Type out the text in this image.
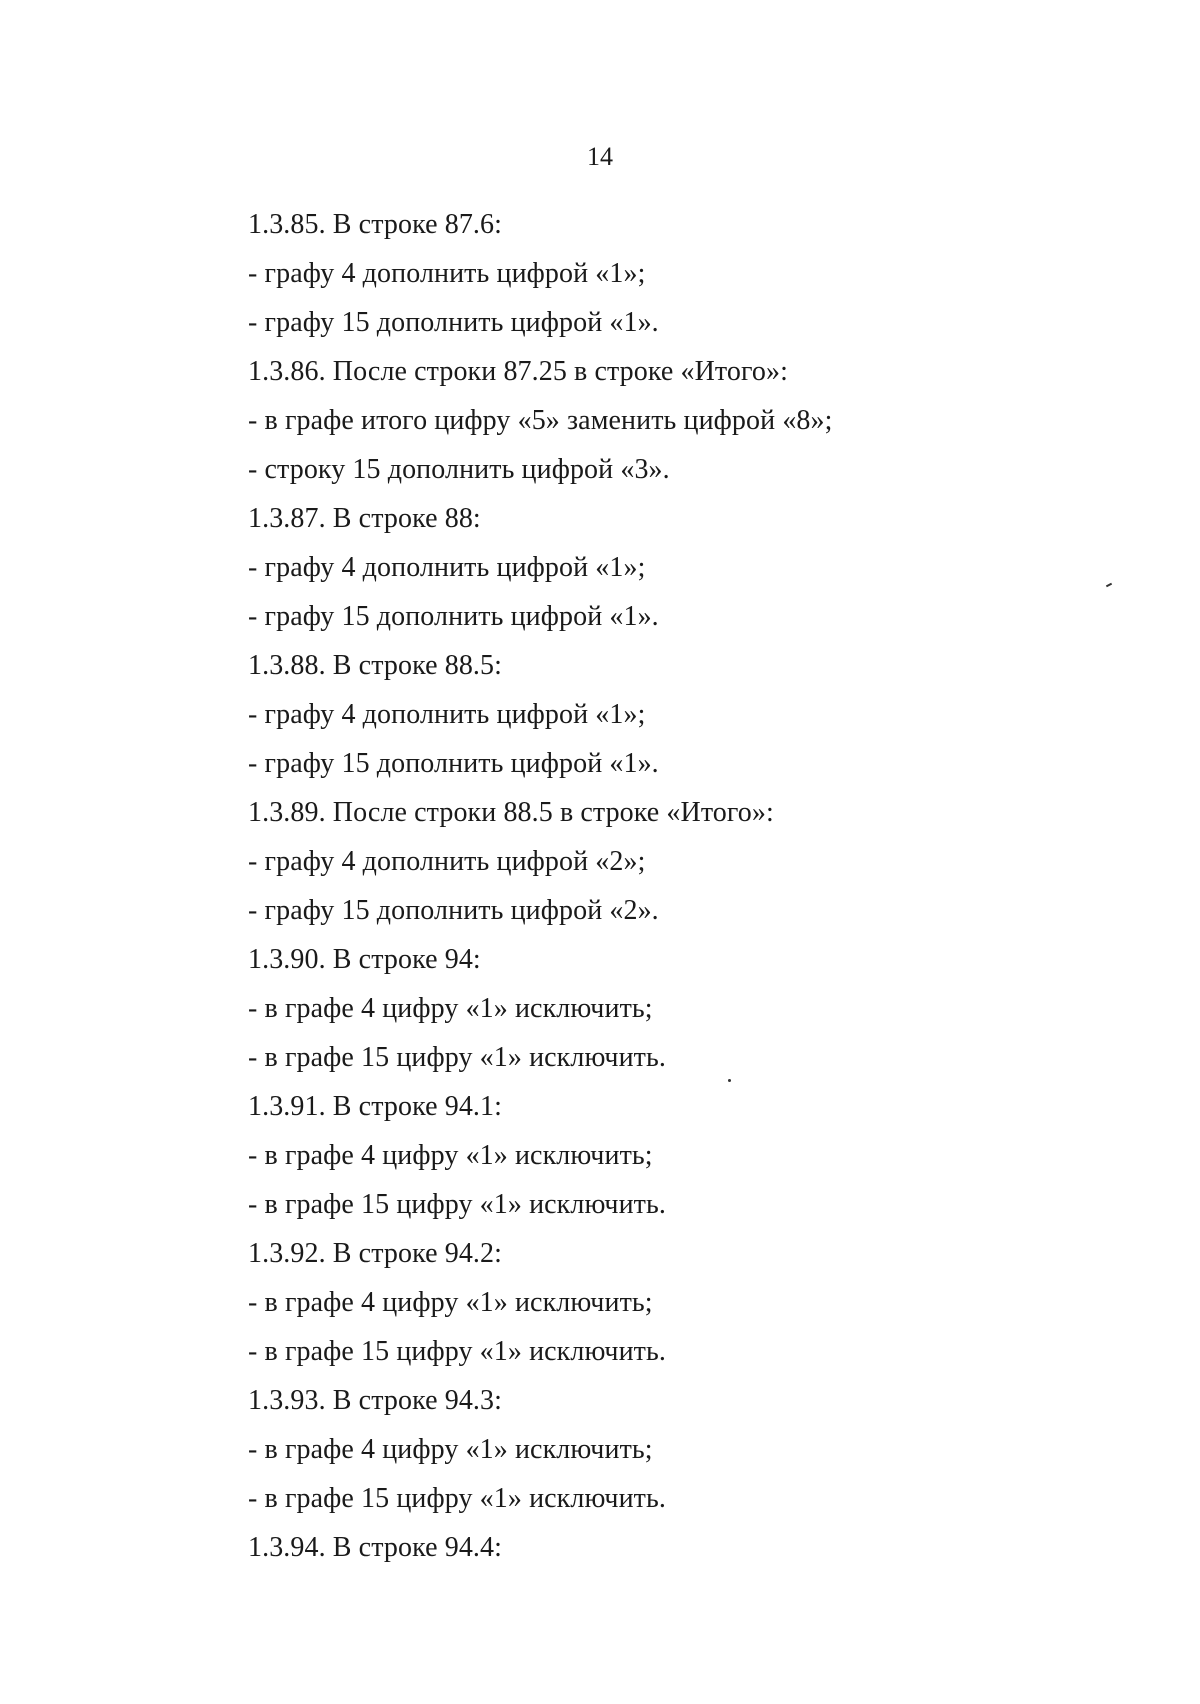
14
1.3.85. В строке 87.6:
- графу 4 дополнить цифрой «1»;
- графу 15 дополнить цифрой «1».
1.3.86. После строки 87.25 в строке «Итого»:
- в графе итого цифру «5» заменить цифрой «8»;
- строку 15 дополнить цифрой «3».
1.3.87. В строке 88:
- графу 4 дополнить цифрой «1»;
- графу 15 дополнить цифрой «1».
1.3.88. В строке 88.5:
- графу 4 дополнить цифрой «1»;
- графу 15 дополнить цифрой «1».
1.3.89. После строки 88.5 в строке «Итого»:
- графу 4 дополнить цифрой «2»;
- графу 15 дополнить цифрой «2».
1.3.90. В строке 94:
- в графе 4 цифру «1» исключить;
- в графе 15 цифру «1» исключить.
1.3.91. В строке 94.1:
- в графе 4 цифру «1» исключить;
- в графе 15 цифру «1» исключить.
1.3.92. В строке 94.2:
- в графе 4 цифру «1» исключить;
- в графе 15 цифру «1» исключить.
1.3.93. В строке 94.3:
- в графе 4 цифру «1» исключить;
- в графе 15 цифру «1» исключить.
1.3.94. В строке 94.4:
